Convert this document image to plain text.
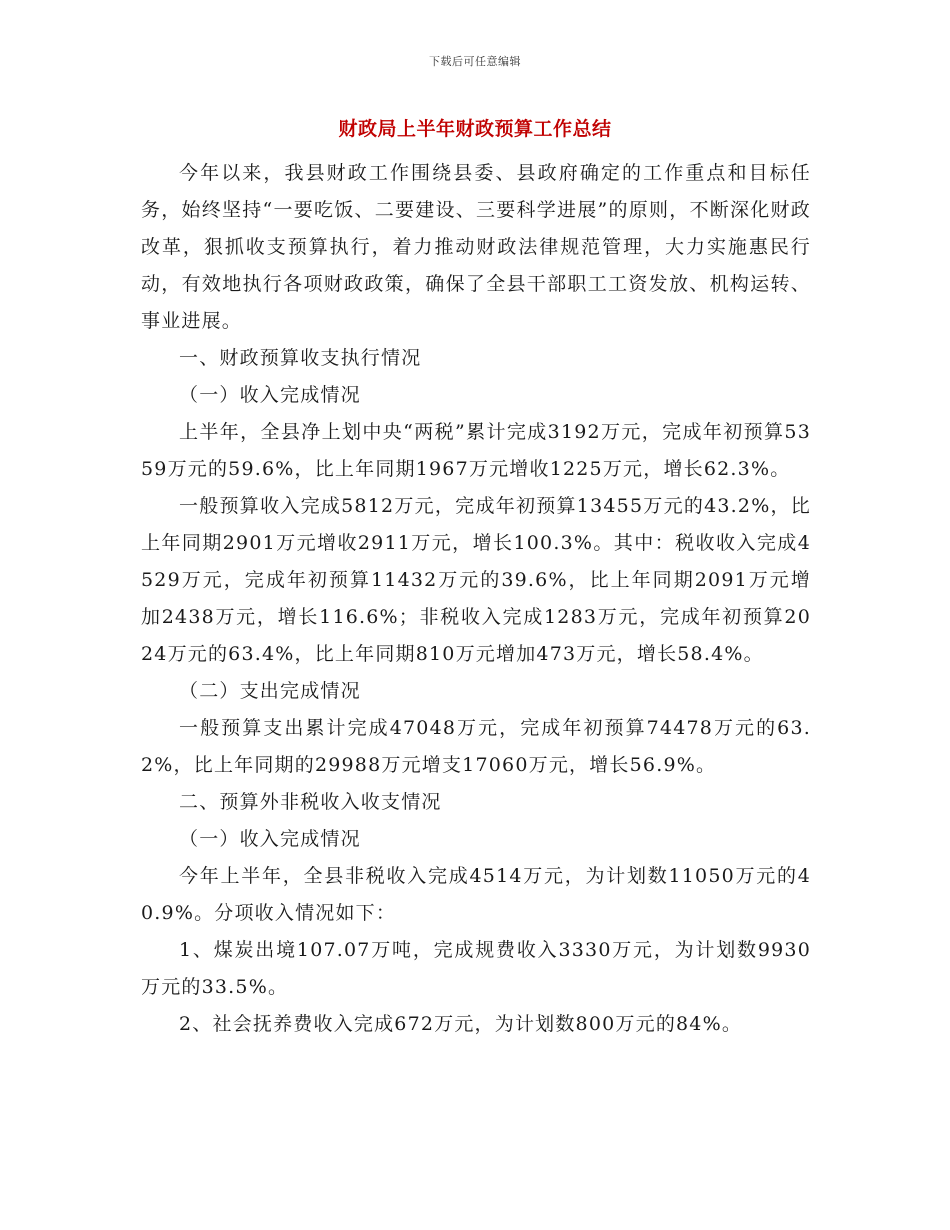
下载后可任意编辑
财政局上半年财政预算工作总结

今年以来，我县财政工作围绕县委、县政府确定的工作重点和目标任务，始终坚持“一要吃饭、二要建设、三要科学进展”的原则，不断深化财政改革，狠抓收支预算执行，着力推动财政法律规范管理，大力实施惠民行动，有效地执行各项财政政策，确保了全县干部职工工资发放、机构运转、事业进展。

一、财政预算收支执行情况

（一）收入完成情况

上半年，全县净上划中央“两税”累计完成3192万元，完成年初预算5359万元的59.6%，比上年同期1967万元增收1225万元，增长62.3%。

一般预算收入完成5812万元，完成年初预算13455万元的43.2%，比上年同期2901万元增收2911万元，增长100.3%。其中：税收收入完成4529万元，完成年初预算11432万元的39.6%，比上年同期2091万元增加2438万元，增长116.6%；非税收入完成1283万元，完成年初预算2024万元的63.4%，比上年同期810万元增加473万元，增长58.4%。

（二）支出完成情况

一般预算支出累计完成47048万元，完成年初预算74478万元的63.2%，比上年同期的29988万元增支17060万元，增长56.9%。

二、预算外非税收入收支情况

（一）收入完成情况

今年上半年，全县非税收入完成4514万元，为计划数11050万元的40.9%。分项收入情况如下：

1、煤炭出境107.07万吨，完成规费收入3330万元，为计划数9930万元的33.5%。

2、社会抚养费收入完成672万元，为计划数800万元的84%。
